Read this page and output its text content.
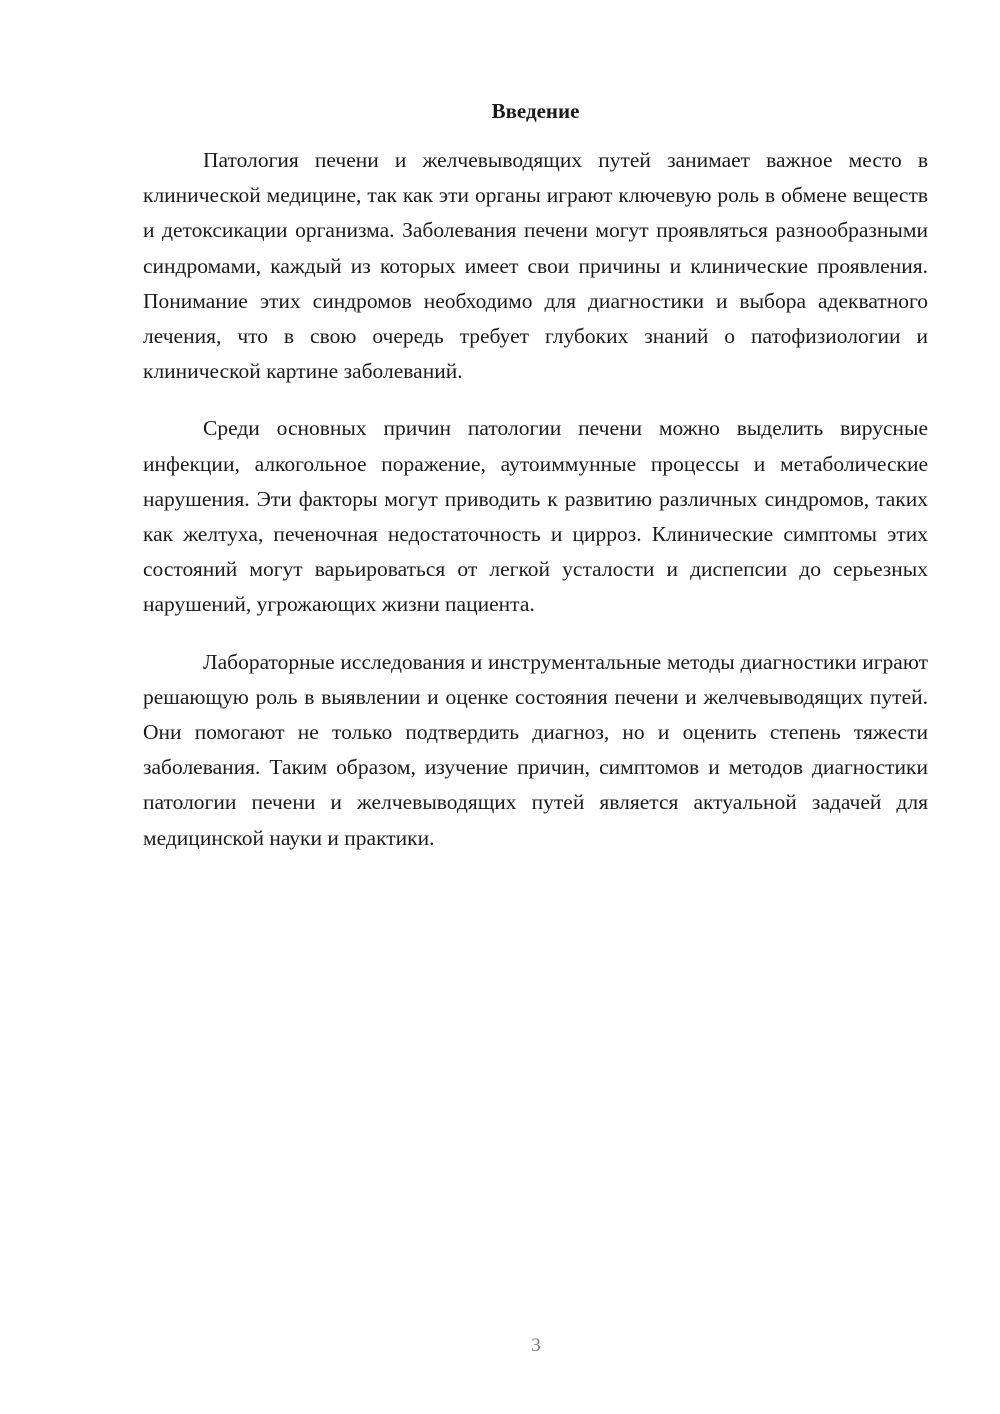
Введение

Патология печени и желчевыводящих путей занимает важное место в клинической медицине, так как эти органы играют ключевую роль в обмене веществ и детоксикации организма. Заболевания печени могут проявляться разнообразными синдромами, каждый из которых имеет свои причины и клинические проявления. Понимание этих синдромов необходимо для диагностики и выбора адекватного лечения, что в свою очередь требует глубоких знаний о патофизиологии и клинической картине заболеваний.

Среди основных причин патологии печени можно выделить вирусные инфекции, алкогольное поражение, аутоиммунные процессы и метаболические нарушения. Эти факторы могут приводить к развитию различных синдромов, таких как желтуха, печеночная недостаточность и цирроз. Клинические симптомы этих состояний могут варьироваться от легкой усталости и диспепсии до серьезных нарушений, угрожающих жизни пациента.

Лабораторные исследования и инструментальные методы диагностики играют решающую роль в выявлении и оценке состояния печени и желчевыводящих путей. Они помогают не только подтвердить диагноз, но и оценить степень тяжести заболевания. Таким образом, изучение причин, симптомов и методов диагностики патологии печени и желчевыводящих путей является актуальной задачей для медицинской науки и практики.

3
